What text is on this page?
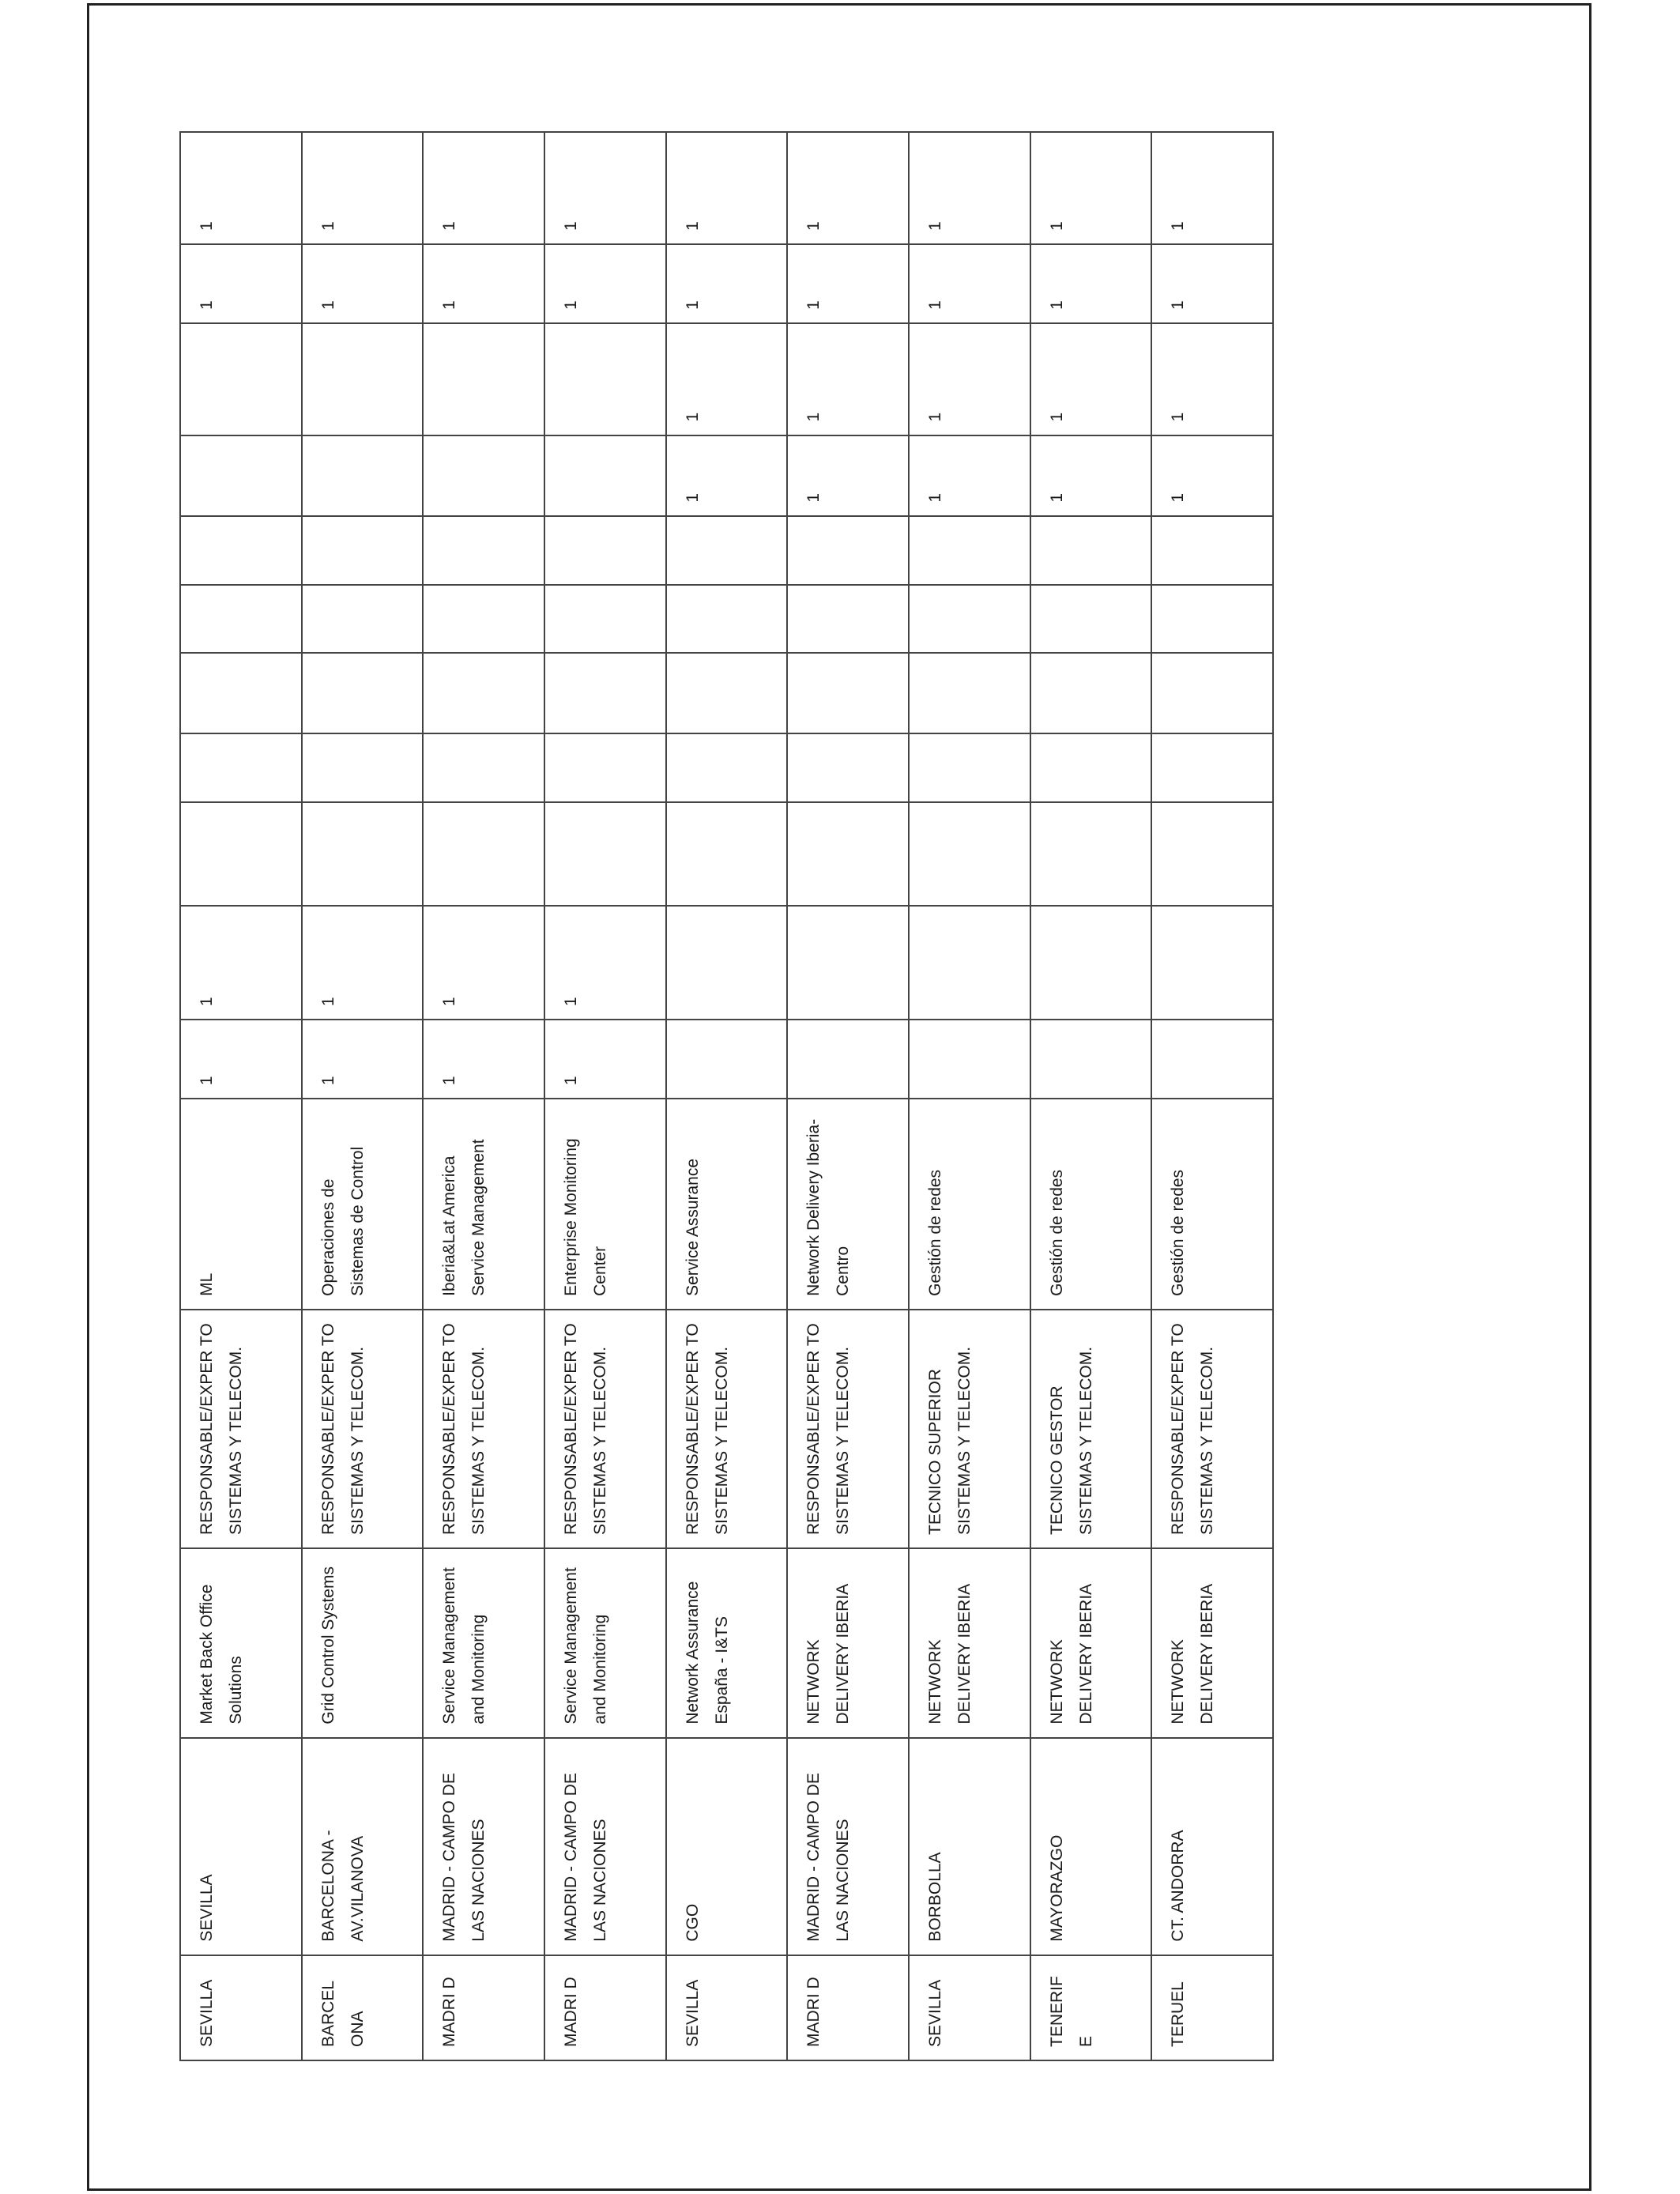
SEVILLA	SEVILLA	Market Back Office Solutions	RESPONSABLE/EXPER TO SISTEMAS Y TELECOM.	ML	1	1								1	1
BARCEL ONA	BARCELONA - AV.VILANOVA	Grid Control Systems	RESPONSABLE/EXPER TO SISTEMAS Y TELECOM.	Operaciones de Sistemas de Control	1	1								1	1
MADRI D	MADRID - CAMPO DE LAS NACIONES	Service Management and Monitoring	RESPONSABLE/EXPER TO SISTEMAS Y TELECOM.	Iberia&Lat America Service Management	1	1								1	1
MADRI D	MADRID - CAMPO DE LAS NACIONES	Service Management and Monitoring	RESPONSABLE/EXPER TO SISTEMAS Y TELECOM.	Enterprise Monitoring Center	1	1								1	1
SEVILLA	CGO	Network Assurance España - I&TS	RESPONSABLE/EXPER TO SISTEMAS Y TELECOM.	Service Assurance								1	1	1	1
MADRI D	MADRID - CAMPO DE LAS NACIONES	NETWORK DELIVERY IBERIA	RESPONSABLE/EXPER TO SISTEMAS Y TELECOM.	Network Delivery Iberia-Centro								1	1	1	1
SEVILLA	BORBOLLA	NETWORK DELIVERY IBERIA	TECNICO SUPERIOR SISTEMAS Y TELECOM.	Gestión de redes								1	1	1	1
TENERIF E	MAYORAZGO	NETWORK DELIVERY IBERIA	TECNICO GESTOR SISTEMAS Y TELECOM.	Gestión de redes								1	1	1	1
TERUEL	CT. ANDORRA	NETWORK DELIVERY IBERIA	RESPONSABLE/EXPER TO SISTEMAS Y TELECOM.	Gestión de redes								1	1	1	1
